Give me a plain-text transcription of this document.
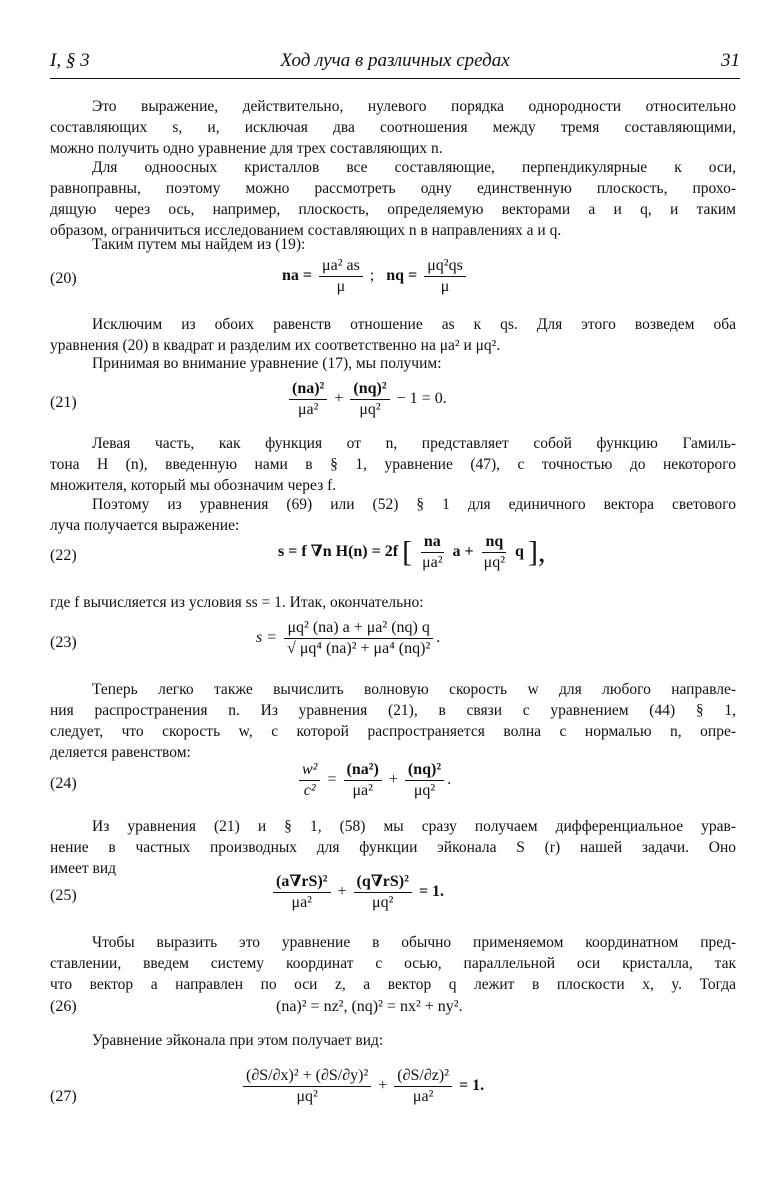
I, § 3	Ход луча в различных средах	31
Это выражение, действительно, нулевого порядка однородности относительно
составляющих s, и, исключая два соотношения между тремя составляющими,
можно получить одно уравнение для трех составляющих n.
Для одноосных кристаллов все составляющие, перпендикулярные к оси,
равноправны, поэтому можно рассмотреть одну единственную плоскость, прохо-
дящую через ось, например, плоскость, определяемую векторами a и q, и таким
образом, ограничиться исследованием составляющих n в направлениях a и q.
Таким путем мы найдем из (19):
(20)	na = $\frac{\text{μa² as}}{\mu}$ ; nq = $\frac{\text{μq²qs}}{\mu}$
Исключим из обоих равенств отношение as к qs. Для этого возведем оба
уравнения (20) в квадрат и разделим их соответственно на μa² и μq².
Принимая во внимание уравнение (17), мы получим:
(21)	$\frac{\text{(na)²}}{\text{μa²}} + \frac{\text{(nq)²}}{\text{μq²}} - 1 = 0$.
Левая часть, как функция от n, представляет собой функцию Гамиль-
тона H (n), введенную нами в § 1, уравнение (47), с точностью до некоторого
множителя, который мы обозначим через f.
Поэтому из уравнения (69) или (52) § 1 для единичного вектора светового
луча получается выражение:
(22)	s = f ∇n H(n) = 2f [ $\frac{na}{\text{μa²}}$ $a + \frac{nq}{\text{μq²}}$ q ],
где f вычисляется из условия ss = 1. Итак, окончательно:
(23)	$s = \frac{\text{μq² (na) a + μa² (nq) q}}{\text{√ μq⁴ (na)² + μa⁴ (nq)²}}$ .
Теперь легко также вычислить волновую скорость w для любого направле-
ния распространения n. Из уравнения (21), в связи с уравнением (44) § 1,
следует, что скорость w, с которой распространяется волна с нормалью n, опре-
деляется равенством:
(24)	$\frac{\text{w²}}{\text{c²}} = \frac{\text{(na²)}}{\text{μa²}} + \frac{\text{(nq)²}}{\text{μq²}}$ .
Из уравнения (21) и § 1, (58) мы сразу получаем дифференциальное урав-
нение в частных производных для функции эйконала S (r) нашей задачи. Оно
имеет вид
(25)	$\frac{\text{(a∇rS)²}}{\text{μa²}} + \frac{\text{(q∇rS)²}}{\text{μq²}} = 1$.
Чтобы выразить это уравнение в обычно применяемом координатном пред-
ставлении, введем систему координат с осью, параллельной оси кристалла, так
что вектор a направлен по оси z, а вектор q лежит в плоскости x, y. Тогда
(26)	(na)² = nz², (nq)² = nx² + ny².
Уравнение эйконала при этом получает вид:
(27)	$\frac{\text{(∂S/∂x)² + (∂S/∂y)²}}{\text{μq²}} + \frac{\text{(∂S/∂z)²}}{\text{μa²}} = 1$.
